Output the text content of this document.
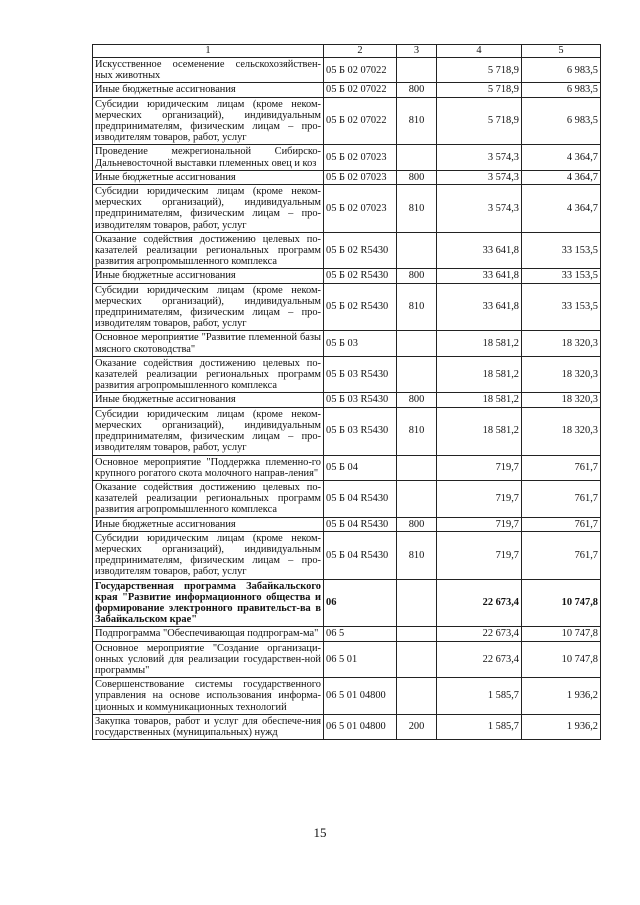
1	2	3	4	5
Искусственное осеменение сельскохозяйствен-ных животных	05 Б 02 07022		5 718,9	6 983,5
Иные бюджетные ассигнования	05 Б 02 07022	800	5 718,9	6 983,5
Субсидии юридическим лицам (кроме неком-мерческих организаций), индивидуальным предпринимателям, физическим лицам – про-изводителям товаров, работ, услуг	05 Б 02 07022	810	5 718,9	6 983,5
Проведение межрегиональной Сибирско-Дальневосточной выставки племенных овец и коз	05 Б 02 07023		3 574,3	4 364,7
Иные бюджетные ассигнования	05 Б 02 07023	800	3 574,3	4 364,7
Субсидии юридическим лицам (кроме неком-мерческих организаций), индивидуальным предпринимателям, физическим лицам – про-изводителям товаров, работ, услуг	05 Б 02 07023	810	3 574,3	4 364,7
Оказание содействия достижению целевых по-казателей реализации региональных программ развития агропромышленного комплекса	05 Б 02 R5430		33 641,8	33 153,5
Иные бюджетные ассигнования	05 Б 02 R5430	800	33 641,8	33 153,5
Субсидии юридическим лицам (кроме неком-мерческих организаций), индивидуальным предпринимателям, физическим лицам – про-изводителям товаров, работ, услуг	05 Б 02 R5430	810	33 641,8	33 153,5
Основное мероприятие "Развитие племенной базы мясного скотоводства"	05 Б 03		18 581,2	18 320,3
Оказание содействия достижению целевых по-казателей реализации региональных программ развития агропромышленного комплекса	05 Б 03 R5430		18 581,2	18 320,3
Иные бюджетные ассигнования	05 Б 03 R5430	800	18 581,2	18 320,3
Субсидии юридическим лицам (кроме неком-мерческих организаций), индивидуальным предпринимателям, физическим лицам – про-изводителям товаров, работ, услуг	05 Б 03 R5430	810	18 581,2	18 320,3
Основное мероприятие "Поддержка племенно-го крупного рогатого скота молочного направ-ления"	05 Б 04		719,7	761,7
Оказание содействия достижению целевых по-казателей реализации региональных программ развития агропромышленного комплекса	05 Б 04 R5430		719,7	761,7
Иные бюджетные ассигнования	05 Б 04 R5430	800	719,7	761,7
Субсидии юридическим лицам (кроме неком-мерческих организаций), индивидуальным предпринимателям, физическим лицам – про-изводителям товаров, работ, услуг	05 Б 04 R5430	810	719,7	761,7
Государственная программа Забайкальского края "Развитие информационного общества и формирование электронного правительст-ва в Забайкальском крае"	06		22 673,4	10 747,8
Подпрограмма "Обеспечивающая подпрограм-ма"	06 5		22 673,4	10 747,8
Основное мероприятие "Создание организаци-онных условий для реализации государствен-ной программы"	06 5 01		22 673,4	10 747,8
Совершенствование системы государственного управления на основе использования информа-ционных и коммуникационных технологий	06 5 01 04800		1 585,7	1 936,2
Закупка товаров, работ и услуг для обеспече-ния государственных (муниципальных) нужд	06 5 01 04800	200	1 585,7	1 936,2
15
